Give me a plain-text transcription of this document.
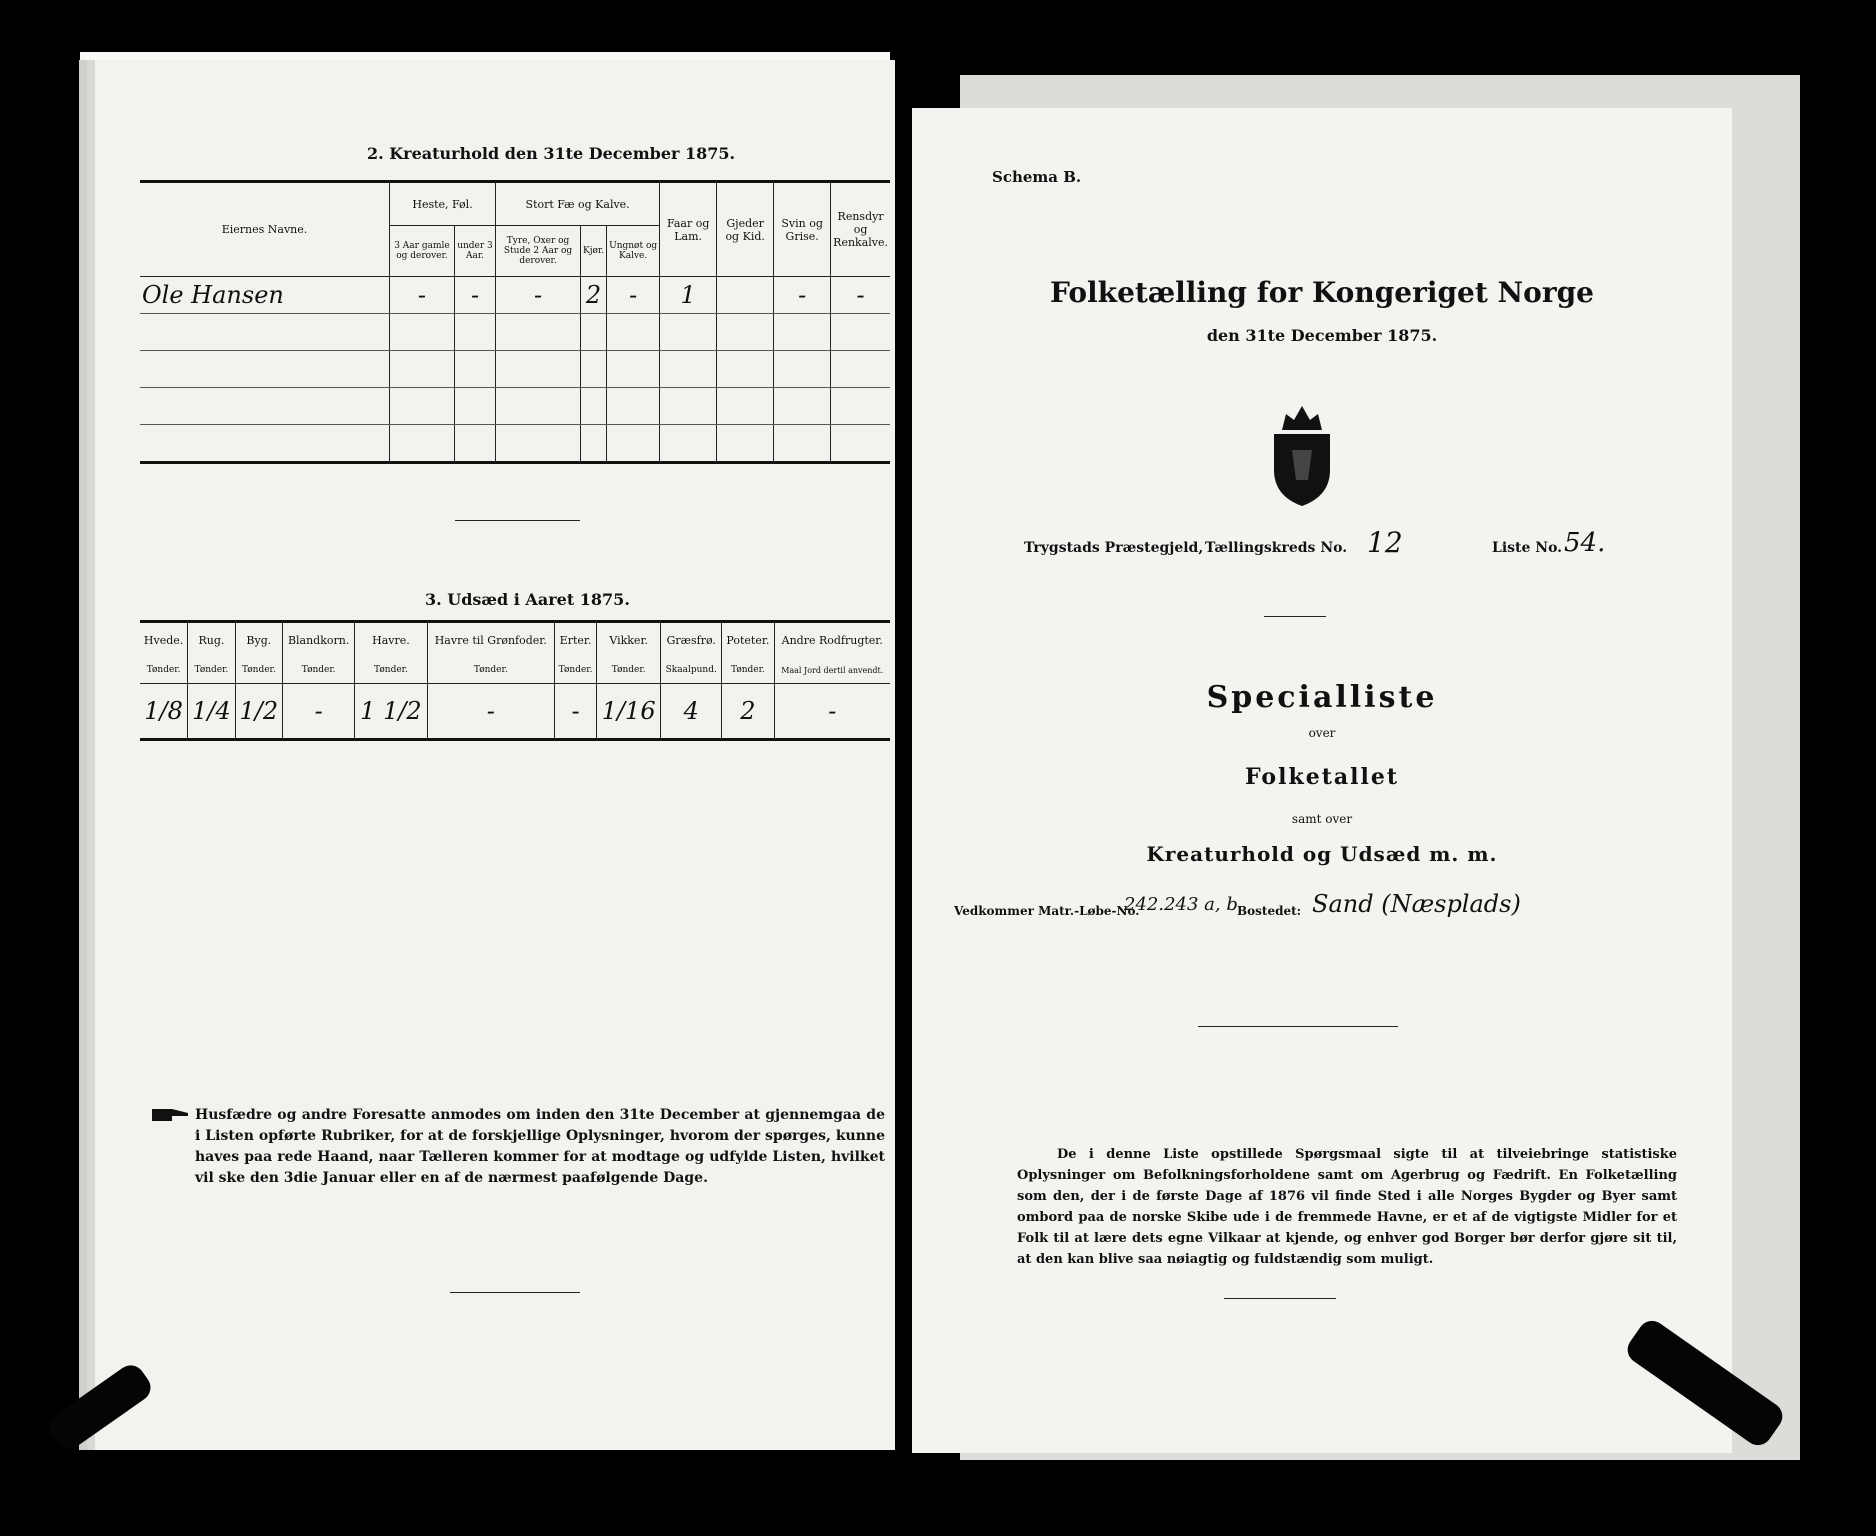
2. Kreaturhold den 31te December 1875.
Eiernes Navne.	Heste, Føl.		Stort Fæ og Kalve.			Faar og Lam.	Gjeder og Kid.	Svin og Grise.	Rensdyr og Renkalve.
	3 Aar gamle og derover.	under 3 Aar.	Tyre, Oxer og Stude 2 Aar og derover.	Kjør.	Ungnøt og Kalve.				
Ole Hansen	-	-	-	2	-	1		-	-

3. Udsæd i Aaret 1875.
Hvede.	Rug.	Byg.	Blandkorn.	Havre.	Havre til Grønfoder.	Erter.	Vikker.	Græsfrø.	Poteter.	Andre Rodfrugter.
Tønder.	Tønder.	Tønder.	Tønder.	Tønder.	Tønder.	Tønder.	Tønder.	Skaalpund.	Tønder.	Maal Jord dertil anvendt.
1/8	1/4	1/2	-	1 1/2	-	-	1/16	4	2	-
Husfædre og andre Foresatte anmodes om inden den 31te December at gjennemgaa de i Listen opførte Rubriker, for at de forskjellige Oplysninger, hvorom der spørges, kunne haves paa rede Haand, naar Tælleren kommer for at modtage og udfylde Listen, hvilket vil ske den 3die Januar eller en af de nærmest paafølgende Dage.
Schema B.
Folketælling for Kongeriget Norge
den 31te December 1875.
Trygstads Præstegjeld, Tællingskreds No. 12	Liste No. 54.
Specialliste
over
Folketallet
samt over
Kreaturhold og Udsæd m. m.
Vedkommer Matr.-Løbe-No.
242.243 a, b Bostedet: Sand (Næsplads)
De i denne Liste opstillede Spørgsmaal sigte til at tilveiebringe statistiske Oplysninger om Befolkningsforholdene samt om Agerbrug og Fædrift. En Folketælling som den, der i de første Dage af 1876 vil finde Sted i alle Norges Bygder og Byer samt ombord paa de norske Skibe ude i de fremmede Havne, er et af de vigtigste Midler for et Folk til at lære dets egne Vilkaar at kjende, og enhver god Borger bør derfor gjøre sit til, at den kan blive saa nøiagtig og fuldstændig som muligt.
